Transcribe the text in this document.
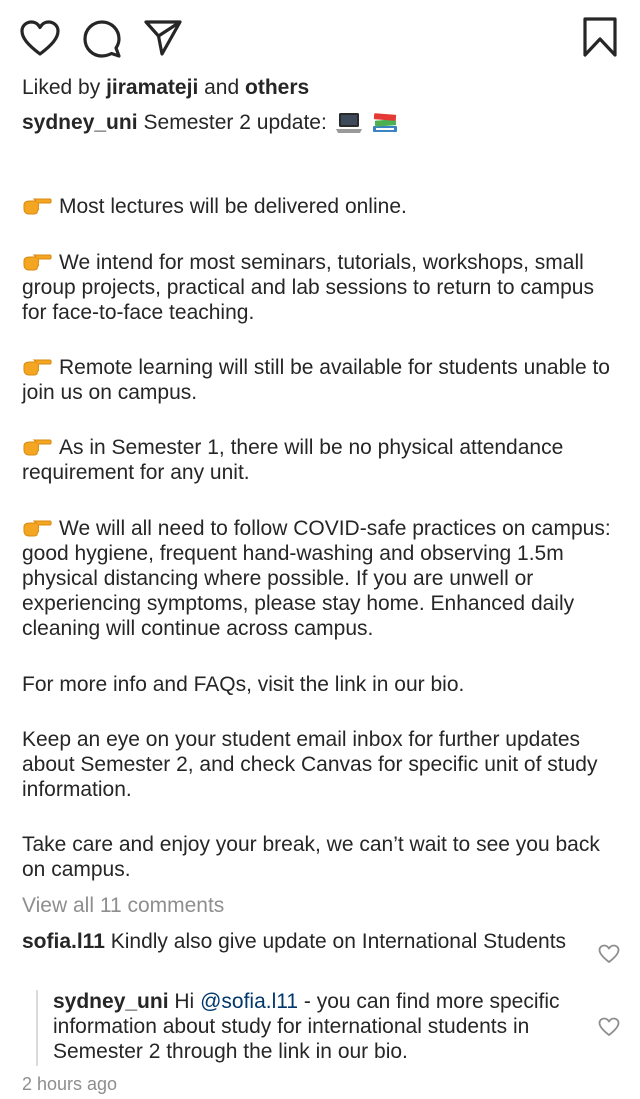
Liked by jiramateji and others
sydney_uni Semester 2 update:

Most lectures will be delivered online.

We intend for most seminars, tutorials, workshops, small group projects, practical and lab sessions to return to campus for face-to-face teaching.

Remote learning will still be available for students unable to join us on campus.

As in Semester 1, there will be no physical attendance requirement for any unit.

We will all need to follow COVID-safe practices on campus: good hygiene, frequent hand-washing and observing 1.5m physical distancing where possible. If you are unwell or experiencing symptoms, please stay home. Enhanced daily cleaning will continue across campus.

For more info and FAQs, visit the link in our bio.

Keep an eye on your student email inbox for further updates about Semester 2, and check Canvas for specific unit of study information.

Take care and enjoy your break, we can’t wait to see you back on campus.

View all 11 comments
sofia.l11 Kindly also give update on International Students
sydney_uni Hi @sofia.l11 - you can find more specific information about study for international students in Semester 2 through the link in our bio.
2 hours ago
